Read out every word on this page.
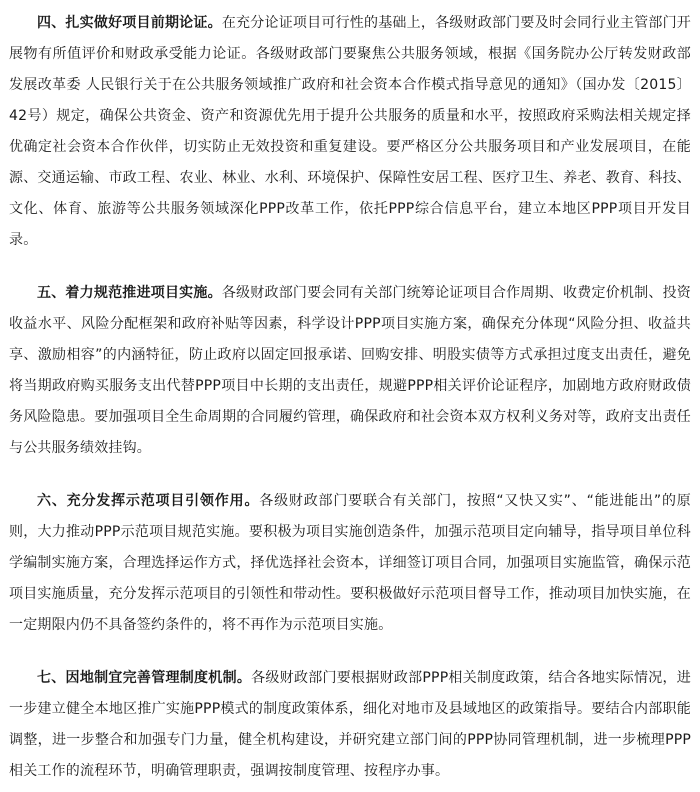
四、扎实做好项目前期论证。在充分论证项目可行性的基础上，各级财政部门要及时会同行业主管部门开展物有所值评价和财政承受能力论证。各级财政部门要聚焦公共服务领域，根据《国务院办公厅转发财政部 发展改革委 人民银行关于在公共服务领域推广政府和社会资本合作模式指导意见的通知》（国办发〔2015〕42号）规定，确保公共资金、资产和资源优先用于提升公共服务的质量和水平，按照政府采购法相关规定择优确定社会资本合作伙伴，切实防止无效投资和重复建设。要严格区分公共服务项目和产业发展项目，在能源、交通运输、市政工程、农业、林业、水利、环境保护、保障性安居工程、医疗卫生、养老、教育、科技、文化、体育、旅游等公共服务领域深化PPP改革工作，依托PPP综合信息平台，建立本地区PPP项目开发目录。

五、着力规范推进项目实施。各级财政部门要会同有关部门统筹论证项目合作周期、收费定价机制、投资收益水平、风险分配框架和政府补贴等因素，科学设计PPP项目实施方案，确保充分体现“风险分担、收益共享、激励相容”的内涵特征，防止政府以固定回报承诺、回购安排、明股实债等方式承担过度支出责任，避免将当期政府购买服务支出代替PPP项目中长期的支出责任，规避PPP相关评价论证程序，加剧地方政府财政债务风险隐患。要加强项目全生命周期的合同履约管理，确保政府和社会资本双方权利义务对等，政府支出责任与公共服务绩效挂钩。

六、充分发挥示范项目引领作用。各级财政部门要联合有关部门，按照“又快又实”、“能进能出”的原则，大力推动PPP示范项目规范实施。要积极为项目实施创造条件，加强示范项目定向辅导，指导项目单位科学编制实施方案，合理选择运作方式，择优选择社会资本，详细签订项目合同，加强项目实施监管，确保示范项目实施质量，充分发挥示范项目的引领性和带动性。要积极做好示范项目督导工作，推动项目加快实施，在一定期限内仍不具备签约条件的，将不再作为示范项目实施。

七、因地制宜完善管理制度机制。各级财政部门要根据财政部PPP相关制度政策，结合各地实际情况，进一步建立健全本地区推广实施PPP模式的制度政策体系，细化对地市及县域地区的政策指导。要结合内部职能调整，进一步整合和加强专门力量，健全机构建设，并研究建立部门间的PPP协同管理机制，进一步梳理PPP相关工作的流程环节，明确管理职责，强调按制度管理、按程序办事。
